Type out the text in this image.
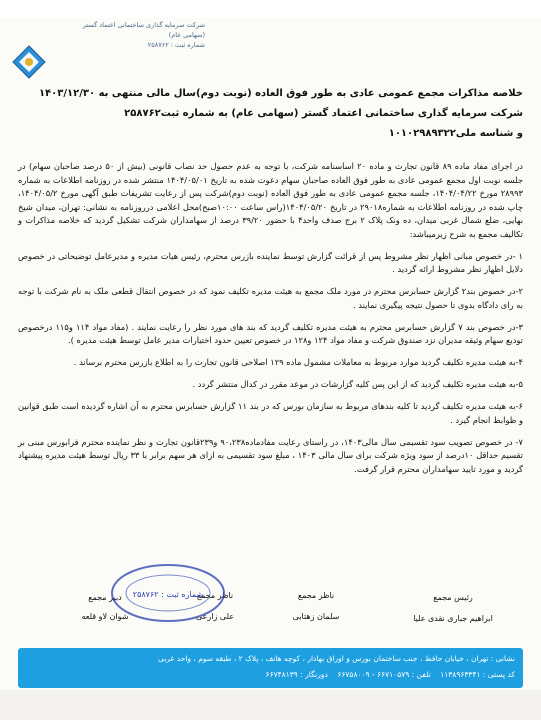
شرکت سرمایه گذاری ساختمانی اعتماد گستر
(سهامی عام)
شماره ثبت : ۲۵۸۷۶۲
خلاصه مذاکرات مجمع عمومی عادی به طور فوق العاده (نوبت دوم)سال مالی منتهی به ۱۴۰۳/۱۲/۳۰
شرکت سرمایه گذاری ساختمانی اعتماد گستر (سهامی عام) به شماره ثبت۲۵۸۷۶۲
و شناسه ملی۱۰۱۰۲۹۸۹۳۲۲

در اجرای مفاد ماده ۸۹ قانون تجارت و ماده ۲۰ اساسنامه شرکت، با توجه به عدم حصول حد نصاب قانونی (بیش از ۵۰ درصد صاحبان سهام) در جلسه نوبت اول مجمع عمومی عادی به طور فوق العاده صاحبان سهام دعوت شده به تاریخ ۱۴۰۴/۰۵/۰۱ منتشر شده در روزنامه اطلاعات به شماره ۲۸۹۹۳ مورخ ۱۴۰۴/۰۴/۲۲، جلسه مجمع عمومی عادی به طور فوق العاده (نوبت دوم)شرکت پس از رعایت تشریفات طبق آگهی مورخ ۱۴۰۴/۰۵/۲، چاپ شده در روزنامه اطلاعات به شماره۲۹۰۱۸ در تاریخ ۱۴۰۴/۰۵/۲۰(راس ساعت ۱۰:۰۰صبح)محل اعلامی درروزنامه به نشانی: تهران، میدان شیخ بهایی، ضلع شمال غربی میدان، ده ونک پلاک ۲ برج صدف واحد۴ با حضور ۳۹/۲۰ درصد از سهامداران شرکت تشکیل گردید که خلاصه مذاکرات و تکالیف مجمع به شرح زیرمیباشد:

۱ -در خصوص مبانی اظهار نظر مشروط پس از قرائت گزارش توسط نماینده بازرس محترم، رئیس هیات مدیره و مدیرعامل توضیحاتی در خصوص دلایل اظهار نظر مشروط ارائه گردید .

۲-در خصوص بند۲ گزارش حسابرس محترم در مورد ملک مجمع به هیئت مدیره تکلیف نمود که در خصوص انتقال قطعی ملک به نام شرکت با توجه به رای دادگاه بدوی تا حصول نتیجه پیگیری نمایند .

۳-در خصوص بند ۷ گزارش حسابرس محترم به هیئت مدیره تکلیف گردید که بند های مورد نظر را رعایت نمایند . (مفاد مواد ۱۱۴ و۱۱۵ درخصوص تودیع سهام وثیقه مدیران نزد صندوق شرکت و مفاد مواد ۱۲۴ و۱۲۸ در خصوص تعیین حدود اختیارات مدیر عامل توسط هیئت مدیره ).

۴-به هیئت مدیره تکلیف گردید موارد مربوط به معاملات مشمول ماده ۱۲۹ اصلاحی قانون تجارت را به اطلاع بازرس محترم برساند .

۵-به هیئت مدیره تکلیف گردید که از این پس کلیه گزارشات در موعد مقرر در کدال منتشر گردد .

۶-به هیئت مدیره تکلیف گردید تا کلیه بندهای مربوط به سازمان بورس که در بند ۱۱ گزارش حسابرس محترم به آن اشاره گردیده است طبق قوانین و ظوابط انجام گیرد .

۷- در خصوص تصویب سود تقسیمی سال مالی۱۴۰۳، در راستای رعایت مفادماده۹۰،۲۳۸ و۲۳۹قانون تجارت و نظر نماینده محترم فرابورس مبنی بر تقسیم حداقل ۱۰درصد از سود ویژه شرکت برای سال مالی ۱۴۰۳ ، مبلغ سود تقسیمی به ازای هر سهم برابر با ۳۳ ریال توسط هیئت مدیره پیشنهاد گردید و مورد تایید سهامداران محترم قرار گرفت.

رئیس مجمع
ابراهیم جباری نقدی علیا
ناظر مجمع
سلمان زهتابی
ناظر مجمع
علی زارعی
دبیر مجمع
شوان لاو قلعه
شماره ثبت : ۲۵۸۷۶۲
نشانی : تهران ، خیابان حافظ ، جنب ساختمان بورس و اوراق بهادار ، کوچه هاتف ، پلاک ۲ ، طبقه سوم ، واحد غربی
کد پستی : ۱۱۳۸۹۶۳۳۴۱    تلفن : ۶۶۷۱۰۵۷۹ - ۶۶۷۵۸۰۰۹    دورنگار : ۶۶۷۴۸۱۳۹
